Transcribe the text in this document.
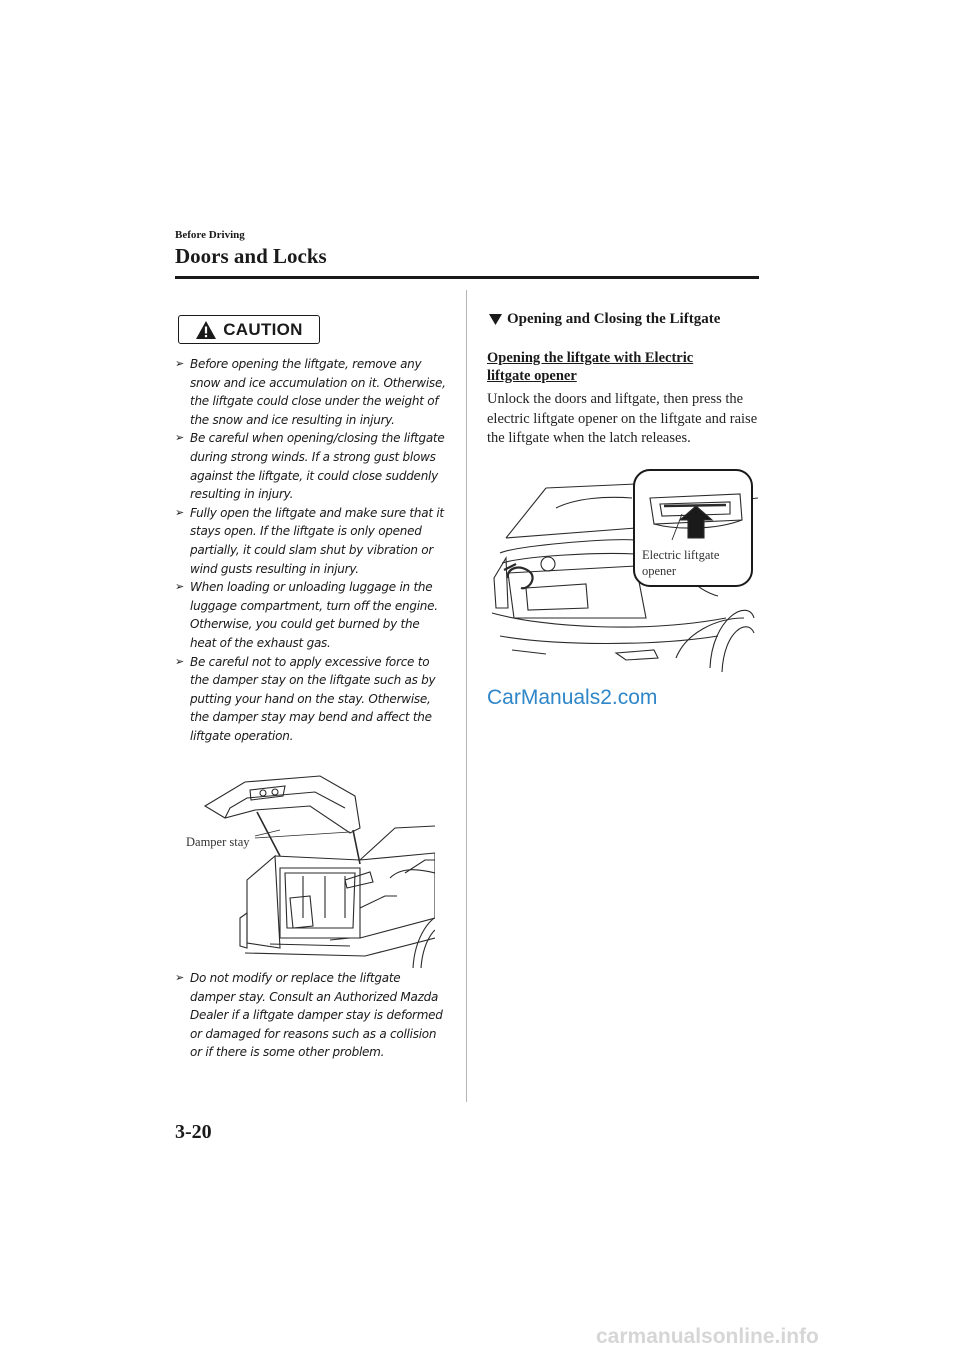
Before Driving
Doors and Locks
CAUTION
➢ Before opening the liftgate, remove any snow and ice accumulation on it. Otherwise, the liftgate could close under the weight of the snow and ice resulting in injury.
➢ Be careful when opening/closing the liftgate during strong winds. If a strong gust blows against the liftgate, it could close suddenly resulting in injury.
➢ Fully open the liftgate and make sure that it stays open. If the liftgate is only opened partially, it could slam shut by vibration or wind gusts resulting in injury.
➢ When loading or unloading luggage in the luggage compartment, turn off the engine. Otherwise, you could get burned by the heat of the exhaust gas.
➢ Be careful not to apply excessive force to the damper stay on the liftgate such as by putting your hand on the stay. Otherwise, the damper stay may bend and affect the liftgate operation.
Damper stay
➢ Do not modify or replace the liftgate damper stay. Consult an Authorized Mazda Dealer if a liftgate damper stay is deformed or damaged for reasons such as a collision or if there is some other problem.
Opening and Closing the Liftgate
Opening the liftgate with Electric liftgate opener
Unlock the doors and liftgate, then press the electric liftgate opener on the liftgate and raise the liftgate when the latch releases.
Electric liftgate opener
CarManuals2.com
3-20
carmanualsonline.info
